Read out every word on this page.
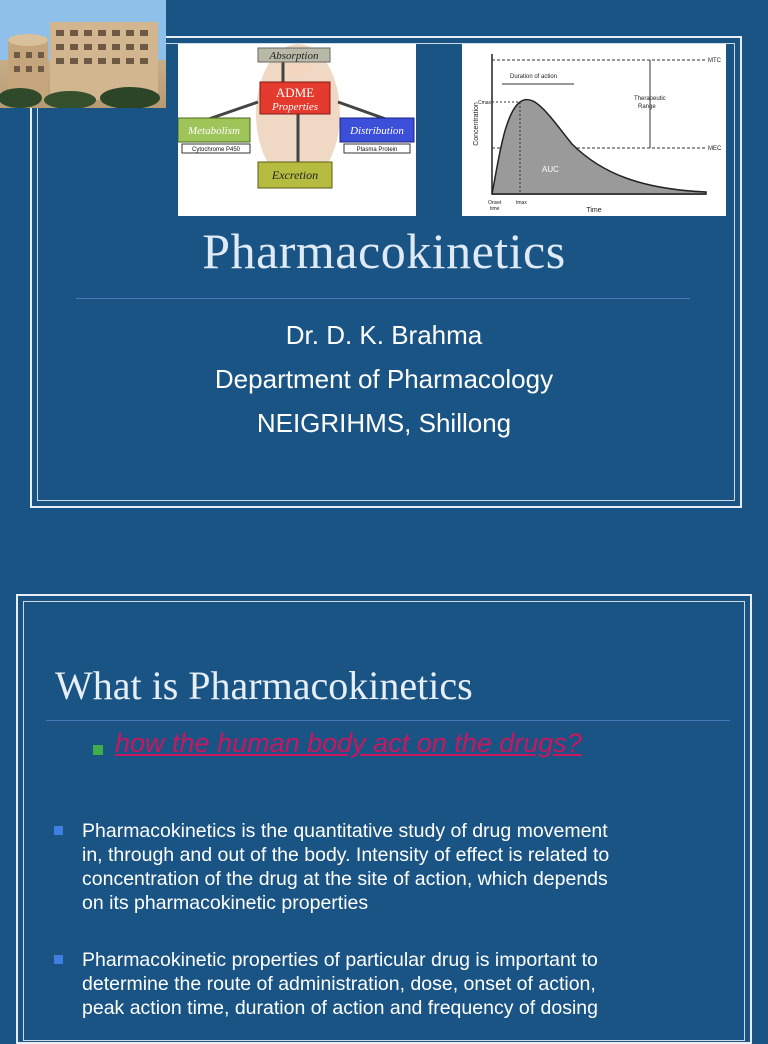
Absorption
ADME
Properties
Metabolism
Cytochrome P450
Distribution
Plasma Protein
Excretion
Concentration
Time
MTC
MEC
Duration of action
Therapeutic
Range
AUC
Cmax
tmax
Onset
time
Pharmacokinetics
Dr. D. K. Brahma
Department of Pharmacology
NEIGRIHMS, Shillong
What is Pharmacokinetics
how the human body act on the drugs?
Pharmacokinetics is the quantitative study of drug movement
in, through and out of the body. Intensity of effect is related to
concentration of the drug at the site of action, which depends
on its pharmacokinetic properties
Pharmacokinetic properties of particular drug is important to
determine the route of administration, dose, onset of action,
peak action time, duration of action and frequency of dosing
